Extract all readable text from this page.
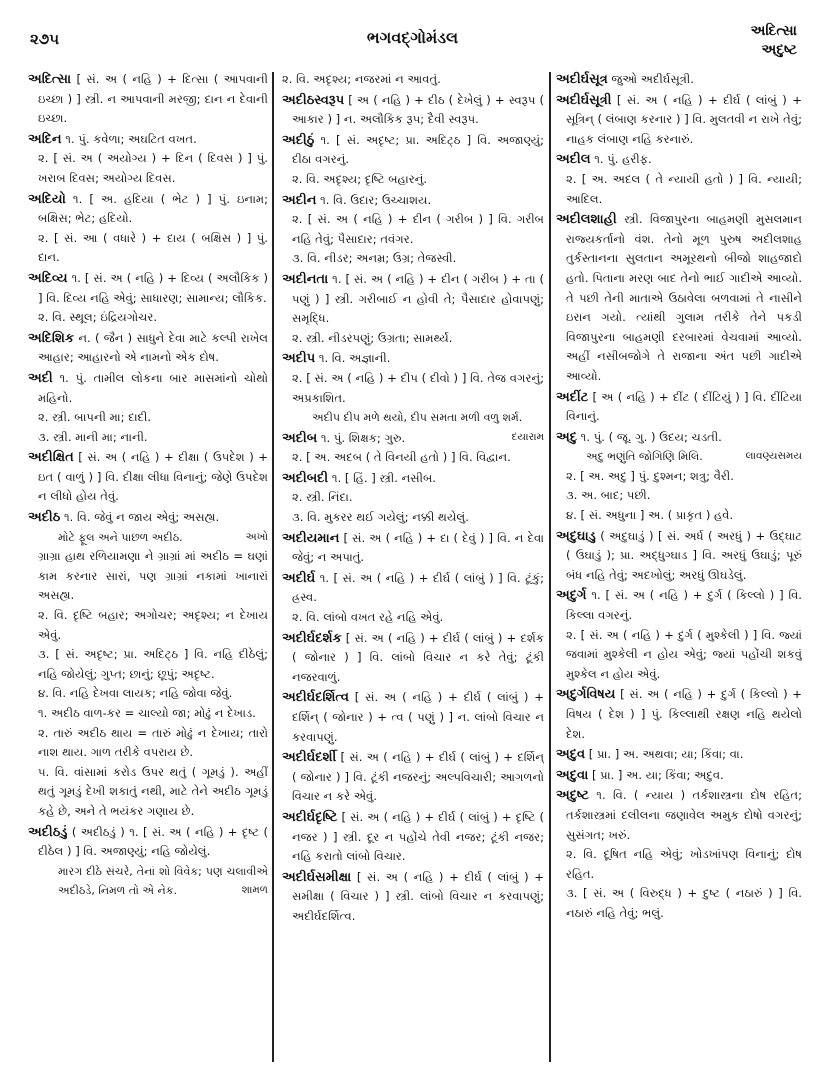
૨૭૫	ભગવદ્‌ગોમંડલ	અદિત્સા
અદુષ્ટ

અદિત્સા [ સં. અ ( નહિ ) + દિત્સા ( આપવાની ઇચ્છા ) ] સ્ત્રી. ન આપવાની મરજી; દાન ન દેવાની ઇચ્છા.

અદિન ૧. પું. કવેળા; અઘટિત વખત.

૨. [ સં. અ ( અયોગ્ય ) + દિન ( દિવસ ) ] પું. ખરાબ દિવસ; અયોગ્ય દિવસ.

અદિયો ૧. [ અ. હદિયા ( ભેટ ) ] પું. ઇનામ; બક્ષિસ; ભેટ; હદિયો.

૨. [ સં. આ ( વધારે ) + દાય ( બક્ષિસ ) ] પું. દાન.

અદિવ્ય ૧. [ સં. અ ( નહિ ) + દિવ્ય ( અલૌકિક ) ] વિ. દિવ્ય નહિ એવું; સાધારણ; સામાન્ય; લૌકિક.

૨. વિ. સ્થૂલ; ઇંદ્રિયગોચર.

અદિશિક ન. ( જૈન ) સાધુને દેવા માટે કલ્પી રાખેલ આહાર; આહારનો એ નામનો એક દોષ.

અદી ૧. પું. તામીલ લોકના બાર માસમાંનો ચોથો મહિનો.

૨. સ્ત્રી. બાપની મા; દાદી.

૩. સ્ત્રી. માની મા; નાની.

અદીક્ષિત [ સં. અ ( નહિ ) + દીક્ષા ( ઉપદેશ ) + ઇત ( વાળું ) ] વિ. દીક્ષા લીધા વિનાનું; જેણે ઉપદેશ ન લીધો હોય તેવું.

અદીઠ ૧. વિ. જેવું ન જાય એવું; અસહ્ય.

મોટે ફૂલ અને પાછળ અદીઠ.	અખો

ગ્રાગ્રા હાથ રળિયામણા ને ગ્રાગ્રાં માં અદીઠ = ઘણાં કામ કરનાર સારાં, પણ ગ્રાગ્રાં નકામાં ખાનારાં અસહ્ય.

૨. વિ. દૃષ્ટિ બહાર; અગોચર; અદૃશ્ય; ન દેખાય એવું.

૩. [ સં. અદૃષ્ટ; પ્રા. અદિટ્ઠ ] વિ. નહિ દીઠેલું; નહિ જોયેલું; ગુપ્ત; છાનું; છૂપું; અદૃષ્ટ.

૪. વિ. નહિ દેખવા લાયક; નહિ જોવા જેવું.

૧. અદીઠ વાળ-કર = ચાલ્યો જા; મોઢું ન દેખાડ.

૨. તારું અદીઠ થાય = તારું મોઢું ન દેખાય; તારો નાશ થાય. ગાળ તરીકે વપરાય છે.

૫. વિ. વાંસામાં કરોડ ઉપર થતું ( ગૂમડું ). અહીં થતું ગૂમડું દેખી શકાતું નથી, માટે તેને અદીઠ ગૂમડું કહે છે, અને તે ભયંકર ગણાય છે.

અદીઠડું ( અદીઠડું ) ૧. [ સં. અ ( નહિ ) + દૃષ્ટ ( દીઠેલ ) ] વિ. અજાણ્યું; નહિ જોયેલું.

મારગ દીઠે સંચરે, તેનાં શો વિવેક; પણ ચલાવીએ અદીઠડે, નિમળ તો એ નેક.	શામળ

૨. વિ. અદૃશ્ય; નજરમાં ન આવતું.

અદીઠસ્વરૂપ [ અ ( નહિ ) + દીઠ ( દેખેલું ) + સ્વરૂપ ( આકાર ) ] ન. અલૌકિક રૂપ; દૈવી સ્વરૂપ.

અદીઠું ૧. [ સં. અદૃષ્ટ; પ્રા. અદિટ્ઠ ] વિ. અજાણ્યું; દીઠા વગરનું.

૨. વિ. અદૃશ્ય; દૃષ્ટિ બહારનું.

અદીન ૧. વિ. ઉદાર; ઉચ્ચાશય.

૨. [ સં. અ ( નહિ ) + દીન ( ગરીબ ) ] વિ. ગરીબ નહિ તેવું; પૈસાદાર; તવંગર.

૩. વિ. નીડર; અનમ્ર; ઉગ્ર; તેજસ્વી.

અદીનતા ૧. [ સં. અ ( નહિ ) + દીન ( ગરીબ ) + તા ( પણું ) ] સ્ત્રી. ગરીબાઈ ન હોવી તે; પૈસાદાર હોવાપણું; સમૃદ્ધિ.

૨. સ્ત્રી. નીડરપણું; ઉગ્રતા; સામર્થ્ય.

અદીપ ૧. વિ. અજ્ઞાની.

૨. [ સં. અ ( નહિ ) + દીપ ( દીવો ) ] વિ. તેજ વગરનું; અપ્રકાશિત.

અદીપ દીપ મળે થયો, દીપ સમતા મળી વળુ શર્મ.
દયારામ

અદીબ ૧. પું. શિક્ષક; ગુરુ.

૨. [ અ. અદબ ( તે વિનયી હતો ) ] વિ. વિદ્વાન.

અદીબદી ૧. [ હિં. ] સ્ત્રી. નસીબ.

૨. સ્ત્રી. નિંદા.

૩. વિ. મુકરર થઈ ગયેલું; નક્કી થયેલું.

અદીયમાન [ સં. અ ( નહિ ) + દા ( દેવું ) ] વિ. ન દેવા જેવું; ન અપાતું.

અદીર્ઘ ૧. [ સં. અ ( નહિ ) + દીર્ઘ ( લાંબું ) ] વિ. ટૂંકું; હ્રસ્વ.

૨. વિ. લાંબો વખત રહે નહિ એવું.

અદીર્ઘદર્શક [ સં. અ ( નહિ ) + દીર્ઘ ( લાંબું ) + દર્શક ( જોનાર ) ] વિ. લાંબો વિચાર ન કરે તેવું; ટૂંકી નજરવાળું.

અદીર્ઘદર્શિત્વ [ સં. અ ( નહિ ) + દીર્ઘ ( લાંબું ) + દર્શિન્ ( જોનાર ) + ત્વ ( પણું ) ] ન. લાંબો વિચાર ન કરવાપણું.

અદીર્ઘદર્શી [ સં. અ ( નહિ ) + દીર્ઘ ( લાંબું ) + દર્શિન્ ( જોનાર ) ] વિ. ટૂંકી નજરનું; અલ્પવિચારી; આગળનો વિચાર ન કરે એવું.

અદીર્ઘદૃષ્ટિ [ સં. અ ( નહિ ) + દીર્ઘ ( લાંબું ) + દૃષ્ટિ ( નજર ) ] સ્ત્રી. દૂર ન પહોંચે તેવી નજર; ટૂંકી નજર; નહિ કરાતો લાંબો વિચાર.

અદીર્ઘસમીક્ષા [ સં. અ ( નહિ ) + દીર્ઘ ( લાંબું ) + સમીક્ષા ( વિચાર ) ] સ્ત્રી. લાંબો વિચાર ન કરવાપણું; અદીર્ઘદર્શિત્વ.

અદીર્ઘસૂત્ર જુઓ અદીર્ઘસૂત્રી.

અદીર્ઘસૂત્રી [ સં. અ ( નહિ ) + દીર્ઘ ( લાંબું ) + સૂત્રિન્ ( લંબાણ કરનાર ) ] વિ. મુલતવી ન રાખે તેવું; નાહક લંબાણ નહિ કરનારું.

અદીલ ૧. પું. હરીફ.

૨. [ અ. અદલ ( તે ન્યાયી હતો ) ] વિ. ન્યાયી; આદિલ.

અદીલશાહી સ્ત્રી. વિજાપુરના બાહમણી મુસલમાન રાજ્યકર્તાનો વંશ. તેનો મૂળ પુરુષ અદીલશાહ તુર્કસ્તાનના સુલતાન અમૂરથનો બીજો શાહજાદો હતો. પિતાના મરણ બાદ તેનો ભાઈ ગાદીએ આવ્યો. તે પછી તેની માતાએ ઉઠાવેલા બળવામાં તે નાસીને ઇરાન ગયો. ત્યાંથી ગુલામ તરીકે તેને પકડી વિજાપુરના બાહમણી દરબારમાં વેચવામાં આવ્યો. અહીં નસીબજોગે તે રાજાના અંત પછી ગાદીએ આવ્યો.

અદીંટ [ અ ( નહિ ) + દીંટ ( દીંટિયું ) ] વિ. દીંટિયા વિનાનું.

અદુ ૧. પું. ( જૂ. ગુ. ) ઉદય; ચડતી.

અદુ ભણુંતિ જોગિણિ મિલિ.	લાવણ્યસમય

૨. [ અ. અદુ ] પું. દુશ્મન; શત્રુ; વૈરી.

૩. અ. બાદ; પછી.

૪. [ સં. અધુના ] અ. ( પ્રાકૃત ) હવે.

અદુઘાડુ ( અદુઘાડું ) [ સં. અર્ધ ( અરધું ) + ઉદ્‌ઘાટ ( ઉઘાડું ); પ્રા. અદ્ધુગ્ઘાડ ] વિ. અરધું ઉઘાડું; પૂરું બંધ નહિ તેવું; અદખોલું; અરધું ઊઘડેલું.

અદુર્ગ ૧. [ સં. અ ( નહિ ) + દુર્ગ ( કિલ્લો ) ] વિ. કિલ્લા વગરનું.

૨. [ સં. અ ( નહિ ) + દુર્ગ ( મુશ્કેલી ) ] વિ. જ્યાં જવામાં મુશ્કેલી ન હોય એવું; જ્યાં પહોંચી શકવું મુશ્કેલ ન હોય એવું.

અદુર્ગવિષય [ સં. અ ( નહિ ) + દુર્ગ ( કિલ્લો ) + વિષય ( દેશ ) ] પું. કિલ્લાથી રક્ષણ નહિ થયેલો દેશ.

અદુવ [ પ્રા. ] અ. અથવા; યા; કિંવા; વા.

અદુવા [ પ્રા. ] અ. યા; કિંવા; અદુવ.

અદુષ્ટ ૧. વિ. ( ન્યાય ) તર્કશાસ્ત્રના દોષ રહિત; તર્કશાસ્ત્રમાં દલીલના જણાવેલ અમુક દોષો વગરનું; સુસંગત; ખરું.

૨. વિ. દૂષિત નહિ એવું; ખોડખાંપણ વિનાનું; દોષ રહિત.

૩. [ સં. અ ( વિરુદ્ધ ) + દુષ્ટ ( નઠારું ) ] વિ. નઠારું નહિ તેવું; ભલું.
